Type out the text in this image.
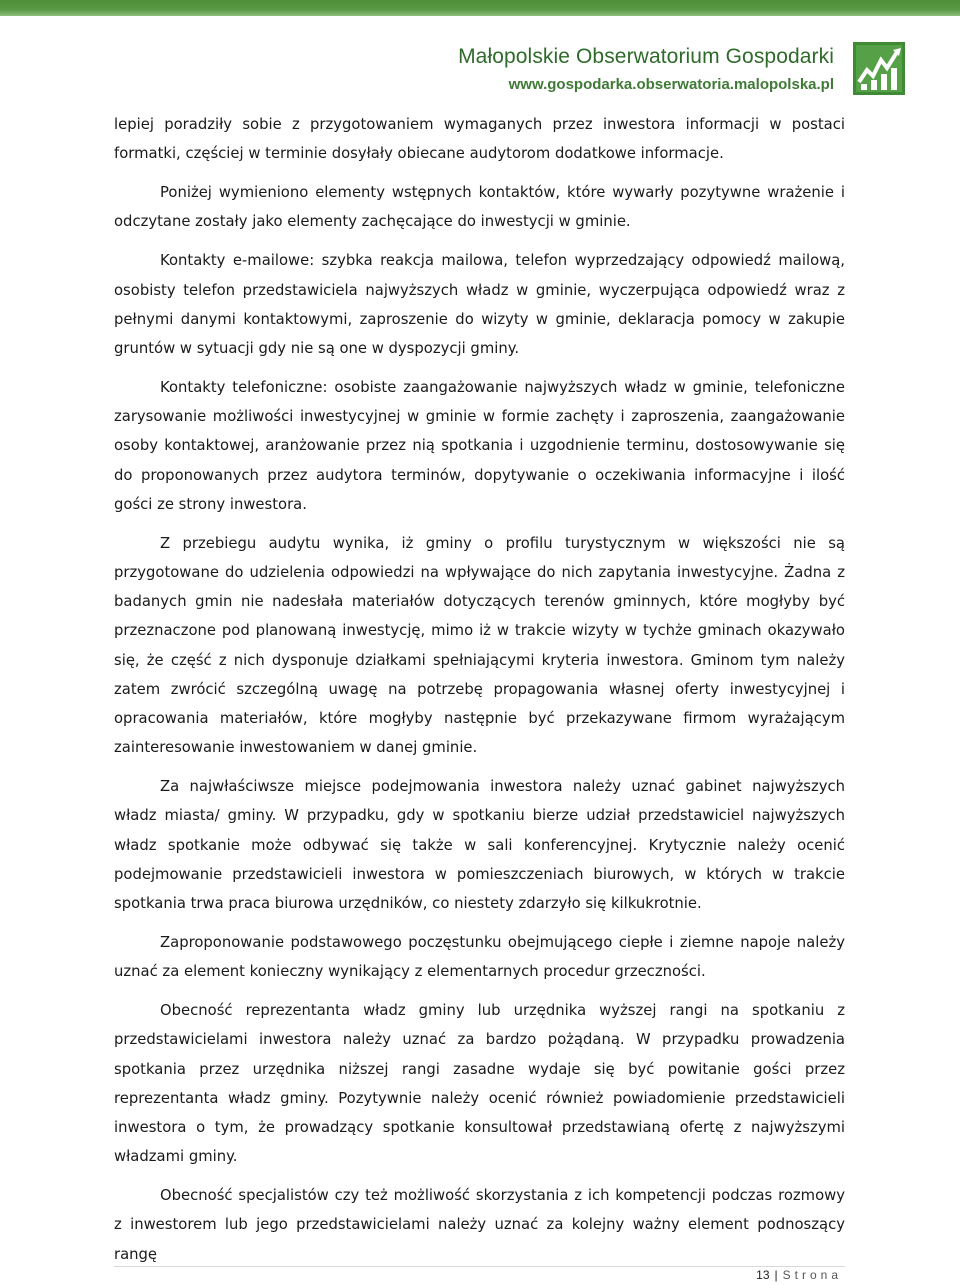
Małopolskie Obserwatorium Gospodarki
www.gospodarka.obserwatoria.malopolska.pl

lepiej poradziły sobie z przygotowaniem wymaganych przez inwestora informacji w postaci formatki, częściej w terminie dosyłały obiecane audytorom dodatkowe informacje.

Poniżej wymieniono elementy wstępnych kontaktów, które wywarły pozytywne wrażenie i odczytane zostały jako elementy zachęcające do inwestycji w gminie.

Kontakty e-mailowe: szybka reakcja mailowa, telefon wyprzedzający odpowiedź mailową, osobisty telefon przedstawiciela najwyższych władz w gminie, wyczerpująca odpowiedź wraz z pełnymi danymi kontaktowymi, zaproszenie do wizyty w gminie, deklaracja pomocy w zakupie gruntów w sytuacji gdy nie są one w dyspozycji gminy.

Kontakty telefoniczne: osobiste zaangażowanie najwyższych władz w gminie, telefoniczne zarysowanie możliwości inwestycyjnej w gminie w formie zachęty i zaproszenia, zaangażowanie osoby kontaktowej, aranżowanie przez nią spotkania i uzgodnienie terminu, dostosowywanie się do proponowanych przez audytora terminów, dopytywanie o oczekiwania informacyjne i ilość gości ze strony inwestora.

Z przebiegu audytu wynika, iż gminy o profilu turystycznym w większości nie są przygotowane do udzielenia odpowiedzi na wpływające do nich zapytania inwestycyjne. Żadna z badanych gmin nie nadesłała materiałów dotyczących terenów gminnych, które mogłyby być przeznaczone pod planowaną inwestycję, mimo iż w trakcie wizyty w tychże gminach okazywało się, że część z nich dysponuje działkami spełniającymi kryteria inwestora. Gminom tym należy zatem zwrócić szczególną uwagę na potrzebę propagowania własnej oferty inwestycyjnej i opracowania materiałów, które mogłyby następnie być przekazywane firmom wyrażającym zainteresowanie inwestowaniem w danej gminie.

Za najwłaściwsze miejsce podejmowania inwestora należy uznać gabinet najwyższych władz miasta/ gminy. W przypadku, gdy w spotkaniu bierze udział przedstawiciel najwyższych władz spotkanie może odbywać się także w sali konferencyjnej. Krytycznie należy ocenić podejmowanie przedstawicieli inwestora w pomieszczeniach biurowych, w których w trakcie spotkania trwa praca biurowa urzędników, co niestety zdarzyło się kilkukrotnie.

Zaproponowanie podstawowego poczęstunku obejmującego ciepłe i ziemne napoje należy uznać za element konieczny wynikający z elementarnych procedur grzeczności.

Obecność reprezentanta władz gminy lub urzędnika wyższej rangi na spotkaniu z przedstawicielami inwestora należy uznać za bardzo pożądaną. W przypadku prowadzenia spotkania przez urzędnika niższej rangi zasadne wydaje się być powitanie gości przez reprezentanta władz gminy. Pozytywnie należy ocenić również powiadomienie przedstawicieli inwestora o tym, że prowadzący spotkanie konsultował przedstawianą ofertę z najwyższymi władzami gminy.

Obecność specjalistów czy też możliwość skorzystania z ich kompetencji podczas rozmowy z inwestorem lub jego przedstawicielami należy uznać za kolejny ważny element podnoszący rangę

13 | Strona
